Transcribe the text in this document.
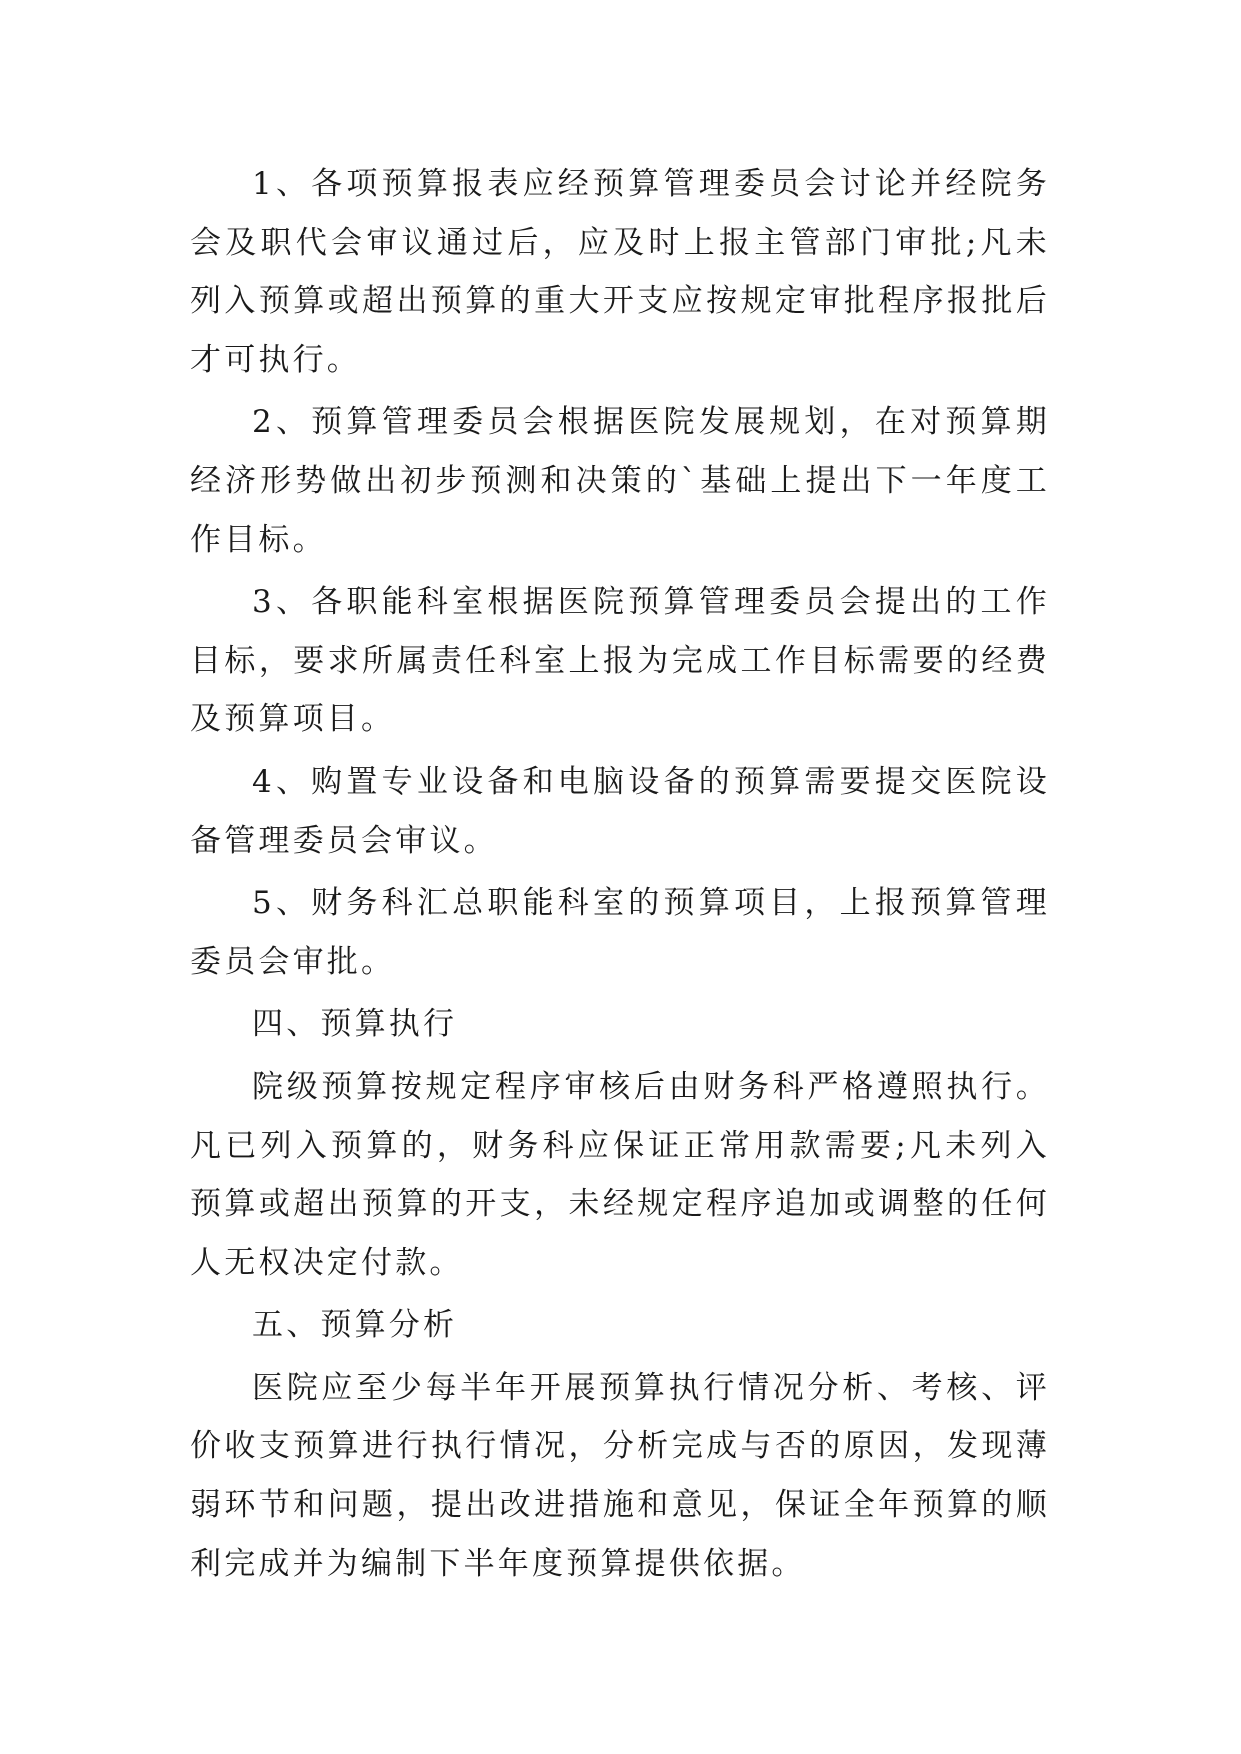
1、各项预算报表应经预算管理委员会讨论并经院务会及职代会审议通过后，应及时上报主管部门审批;凡未列入预算或超出预算的重大开支应按规定审批程序报批后才可执行。

2、预算管理委员会根据医院发展规划，在对预算期经济形势做出初步预测和决策的`基础上提出下一年度工作目标。

3、各职能科室根据医院预算管理委员会提出的工作目标，要求所属责任科室上报为完成工作目标需要的经费及预算项目。

4、购置专业设备和电脑设备的预算需要提交医院设备管理委员会审议。

5、财务科汇总职能科室的预算项目，上报预算管理委员会审批。

四、预算执行

院级预算按规定程序审核后由财务科严格遵照执行。凡已列入预算的，财务科应保证正常用款需要;凡未列入预算或超出预算的开支，未经规定程序追加或调整的任何人无权决定付款。

五、预算分析

医院应至少每半年开展预算执行情况分析、考核、评价收支预算进行执行情况，分析完成与否的原因，发现薄弱环节和问题，提出改进措施和意见，保证全年预算的顺利完成并为编制下半年度预算提供依据。
